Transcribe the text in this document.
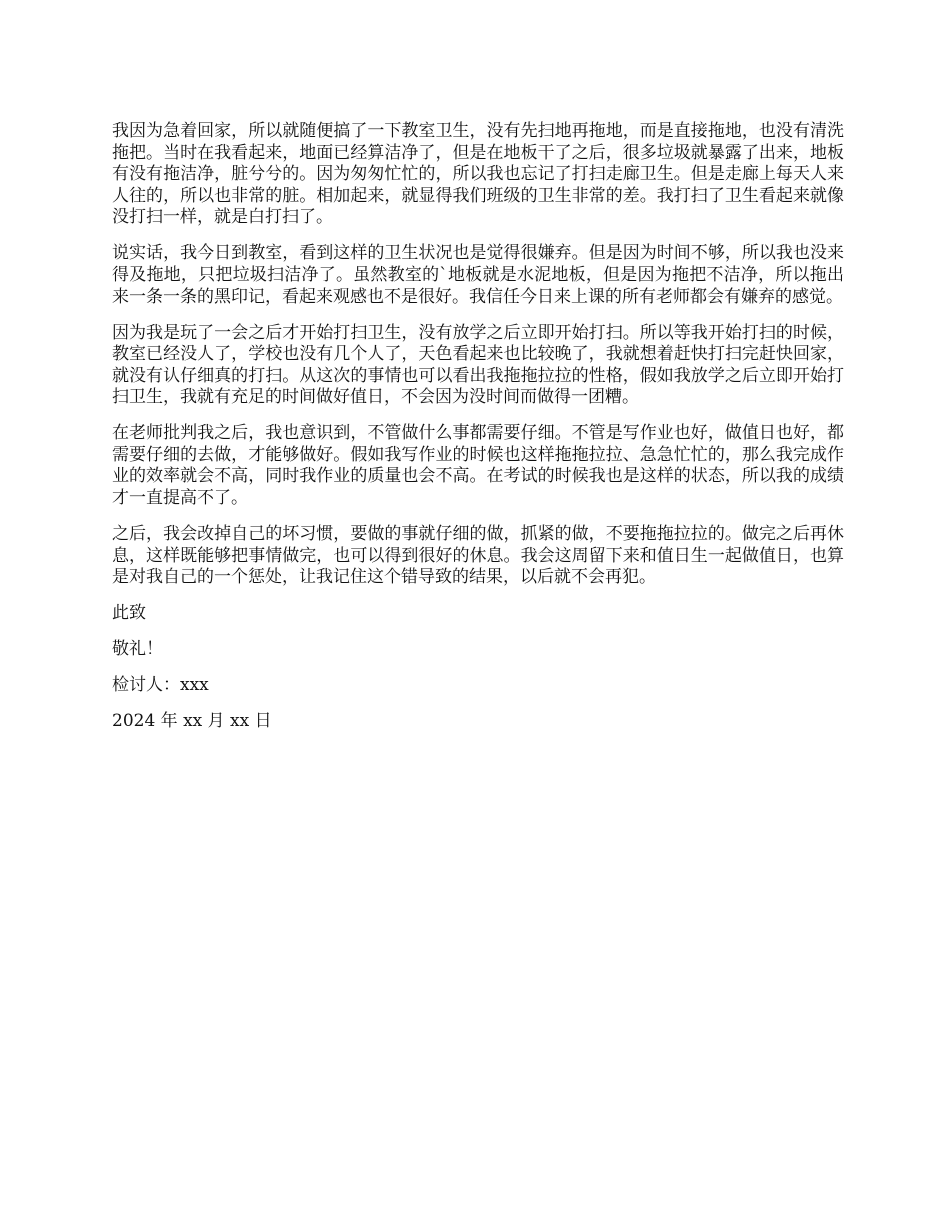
我因为急着回家，所以就随便搞了一下教室卫生，没有先扫地再拖地，而是直接拖地，也没有清洗拖把。当时在我看起来，地面已经算洁净了，但是在地板干了之后，很多垃圾就暴露了出来，地板有没有拖洁净，脏兮兮的。因为匆匆忙忙的，所以我也忘记了打扫走廊卫生。但是走廊上每天人来人往的，所以也非常的脏。相加起来，就显得我们班级的卫生非常的差。我打扫了卫生看起来就像没打扫一样，就是白打扫了。

说实话，我今日到教室，看到这样的卫生状况也是觉得很嫌弃。但是因为时间不够，所以我也没来得及拖地，只把垃圾扫洁净了。虽然教室的`地板就是水泥地板，但是因为拖把不洁净，所以拖出来一条一条的黑印记，看起来观感也不是很好。我信任今日来上课的所有老师都会有嫌弃的感觉。

因为我是玩了一会之后才开始打扫卫生，没有放学之后立即开始打扫。所以等我开始打扫的时候，教室已经没人了，学校也没有几个人了，天色看起来也比较晚了，我就想着赶快打扫完赶快回家，就没有认仔细真的打扫。从这次的事情也可以看出我拖拖拉拉的性格，假如我放学之后立即开始打扫卫生，我就有充足的时间做好值日，不会因为没时间而做得一团糟。

在老师批判我之后，我也意识到，不管做什么事都需要仔细。不管是写作业也好，做值日也好，都需要仔细的去做，才能够做好。假如我写作业的时候也这样拖拖拉拉、急急忙忙的，那么我完成作业的效率就会不高，同时我作业的质量也会不高。在考试的时候我也是这样的状态，所以我的成绩才一直提高不了。

之后，我会改掉自己的坏习惯，要做的事就仔细的做，抓紧的做，不要拖拖拉拉的。做完之后再休息，这样既能够把事情做完，也可以得到很好的休息。我会这周留下来和值日生一起做值日，也算是对我自己的一个惩处，让我记住这个错导致的结果，以后就不会再犯。

此致

敬礼！

检讨人：xxx

2024 年 xx 月 xx 日
